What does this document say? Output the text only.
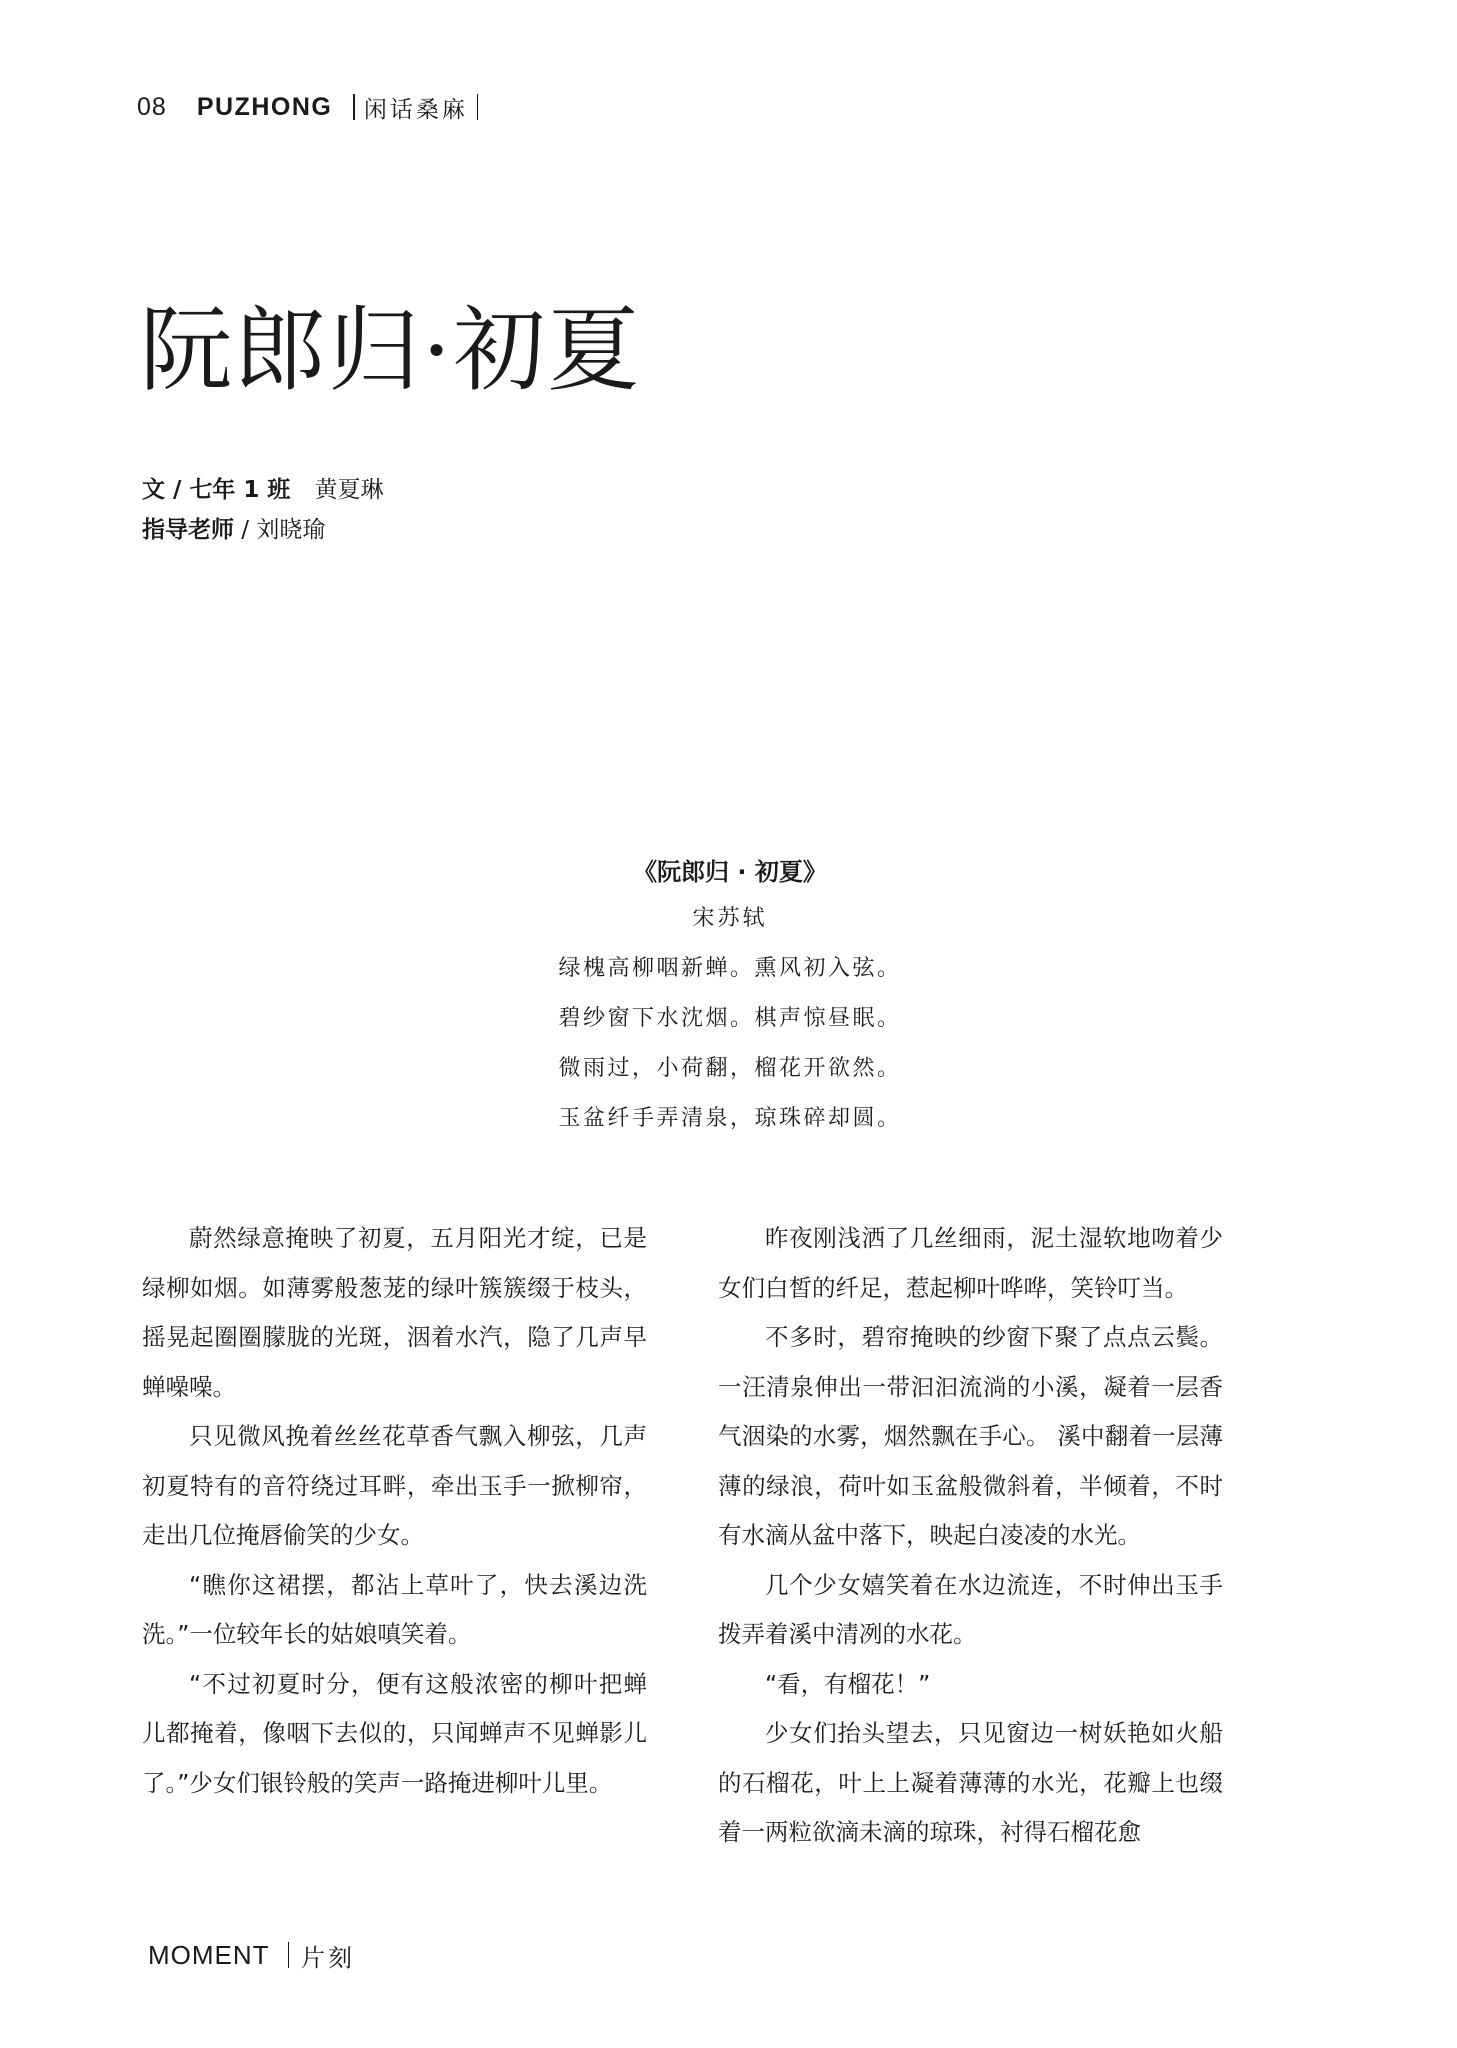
08 PUZHONG 闲话桑麻
阮郎归·初夏
文 / 七年 1 班 黄夏琳
指导老师 / 刘晓瑜
《阮郎归 · 初夏》
宋苏轼
绿槐高柳咽新蝉。熏风初入弦。
碧纱窗下水沈烟。棋声惊昼眠。
微雨过，小荷翻，榴花开欲然。
玉盆纤手弄清泉，琼珠碎却圆。

蔚然绿意掩映了初夏，五月阳光才绽，已是绿柳如烟。如薄雾般葱茏的绿叶簇簇缀于枝头，摇晃起圈圈朦胧的光斑，洇着水汽，隐了几声早蝉噪噪。

只见微风挽着丝丝花草香气飘入柳弦，几声初夏特有的音符绕过耳畔，牵出玉手一掀柳帘，走出几位掩唇偷笑的少女。

“瞧你这裙摆，都沾上草叶了，快去溪边洗洗。”一位较年长的姑娘嗔笑着。

“不过初夏时分，便有这般浓密的柳叶把蝉儿都掩着，像咽下去似的，只闻蝉声不见蝉影儿了。”少女们银铃般的笑声一路掩进柳叶儿里。

昨夜刚浅洒了几丝细雨，泥土湿软地吻着少女们白皙的纤足，惹起柳叶哗哗，笑铃叮当。

不多时，碧帘掩映的纱窗下聚了点点云鬓。一汪清泉伸出一带汩汩流淌的小溪，凝着一层香气洇染的水雾，烟然飘在手心。 溪中翻着一层薄薄的绿浪，荷叶如玉盆般微斜着，半倾着，不时有水滴从盆中落下，映起白凌凌的水光。

几个少女嬉笑着在水边流连，不时伸出玉手拨弄着溪中清冽的水花。

“看，有榴花！”

少女们抬头望去，只见窗边一树妖艳如火船的石榴花，叶上上凝着薄薄的水光，花瓣上也缀着一两粒欲滴未滴的琼珠，衬得石榴花愈

MOMENT 片刻
